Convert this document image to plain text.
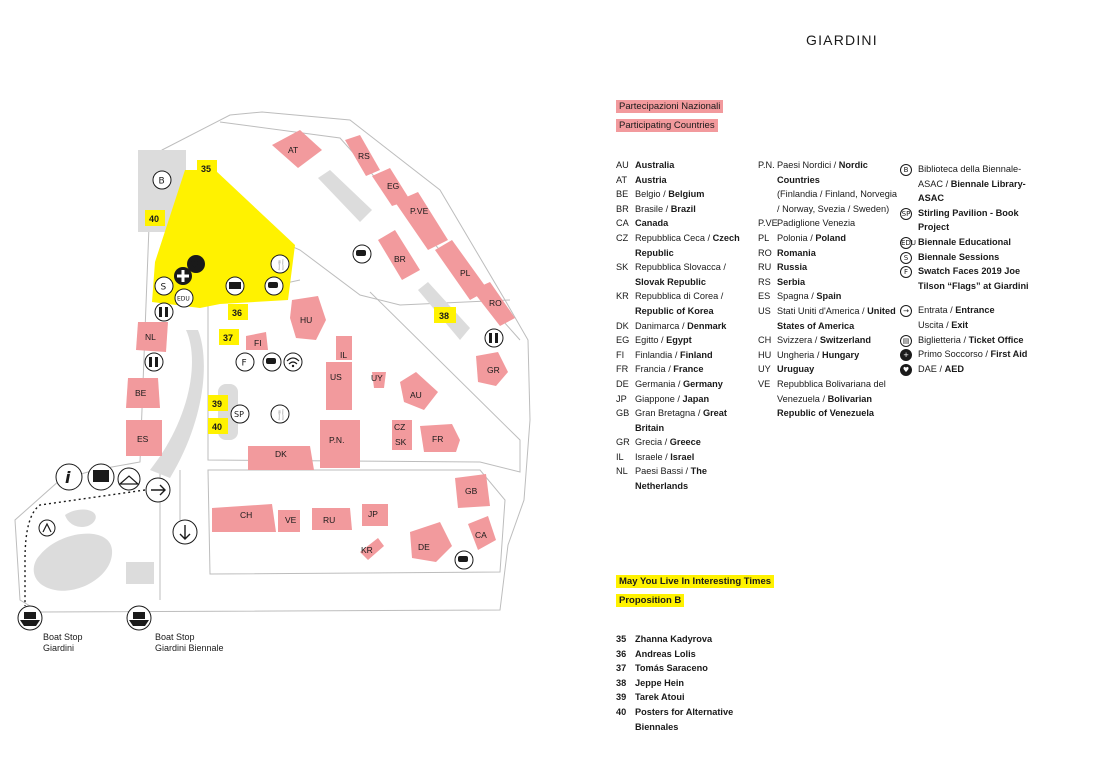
35
40
36
37
38
39
40
AT
RS
EG
P.VE
BR
PL
RO
HU
GR
NL
BE
ES
FI
IL
US	UY
AU
P.N.
CZ
SK	FR
DK
GB
CH	VE	RU
JP
KR	DE
CA
B
S
EDU
♥	🍴
F
SP	🍴
i
Boat Stop
Giardini
Boat Stop
Giardini Biennale
GIARDINI
Partecipazioni Nazionali
Participating Countries
AU Australia
AT Austria
BE Belgio / Belgium
BR Brasile / Brazil
CA Canada
CZ Repubblica Ceca / Czech Republic
SK Repubblica Slovacca / Slovak Republic
KR Repubblica di Corea / Republic of Korea
DK Danimarca / Denmark
EG Egitto / Egypt
FI	Finlandia / Finland
FR Francia / France
DE Germania / Germany
JP Giappone / Japan
GB Gran Bretagna / Great Britain
GR Grecia / Greece
IL	Israele / Israel
NL Paesi Bassi / The Netherlands
P.N. Paesi Nordici / Nordic Countries
(Finlandia / Finland, Norvegia / Norway, Svezia / Sweden)
P.VE Padiglione Venezia
PL Polonia / Poland
RO Romania
RU Russia
RS Serbia
ES Spagna / Spain
US Stati Uniti d'America / United States of America
CH Svizzera / Switzerland
HU Ungheria / Hungary
UY Uruguay
VE Repubblica Bolivariana del Venezuela / Bolivarian Republic of Venezuela
B	Biblioteca della Biennale-ASAC / Biennale Library-ASAC
SP Stirling Pavilion - Book Project
EDU Biennale Educational
S	Biennale Sessions
F	Swatch Faces 2019 Joe Tilson “Flags” at Giardini
→ Entrata / Entrance
Uscita / Exit
▤ Biglietteria / Ticket Office
+ Primo Soccorso / First Aid
♥ DAE / AED
May You Live In Interesting Times
Proposition B
35 Zhanna Kadyrova
36 Andreas Lolis
37 Tomás Saraceno
38 Jeppe Hein
39 Tarek Atoui
40 Posters for Alternative Biennales
